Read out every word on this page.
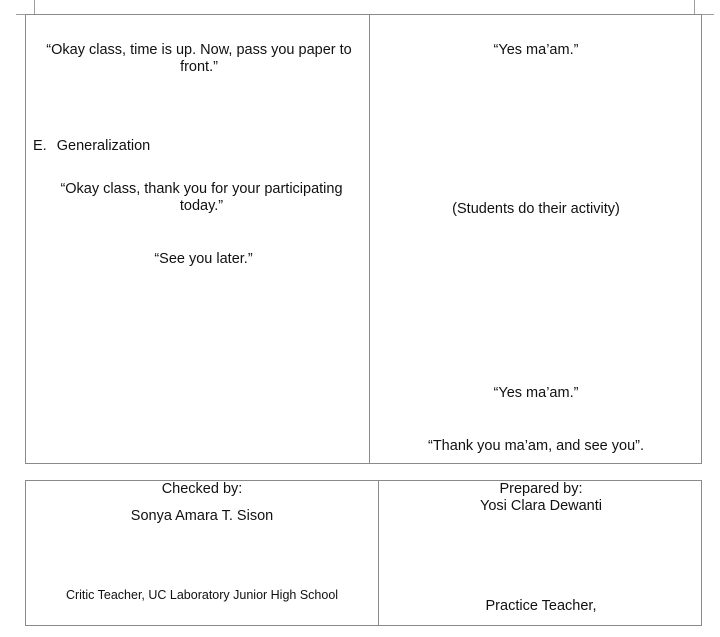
“Okay class, time is up. Now, pass you paper to front.”
E. Generalization
“Okay class, thank you for your participating today.”
“See you later.”
“Yes ma’am.”
(Students do their activity)
“Yes ma’am.”
“Thank you ma’am, and see you”.
Checked by:
Sonya Amara T. Sison
Critic Teacher, UC Laboratory Junior High School
Prepared by:
Yosi Clara Dewanti
Practice Teacher,
